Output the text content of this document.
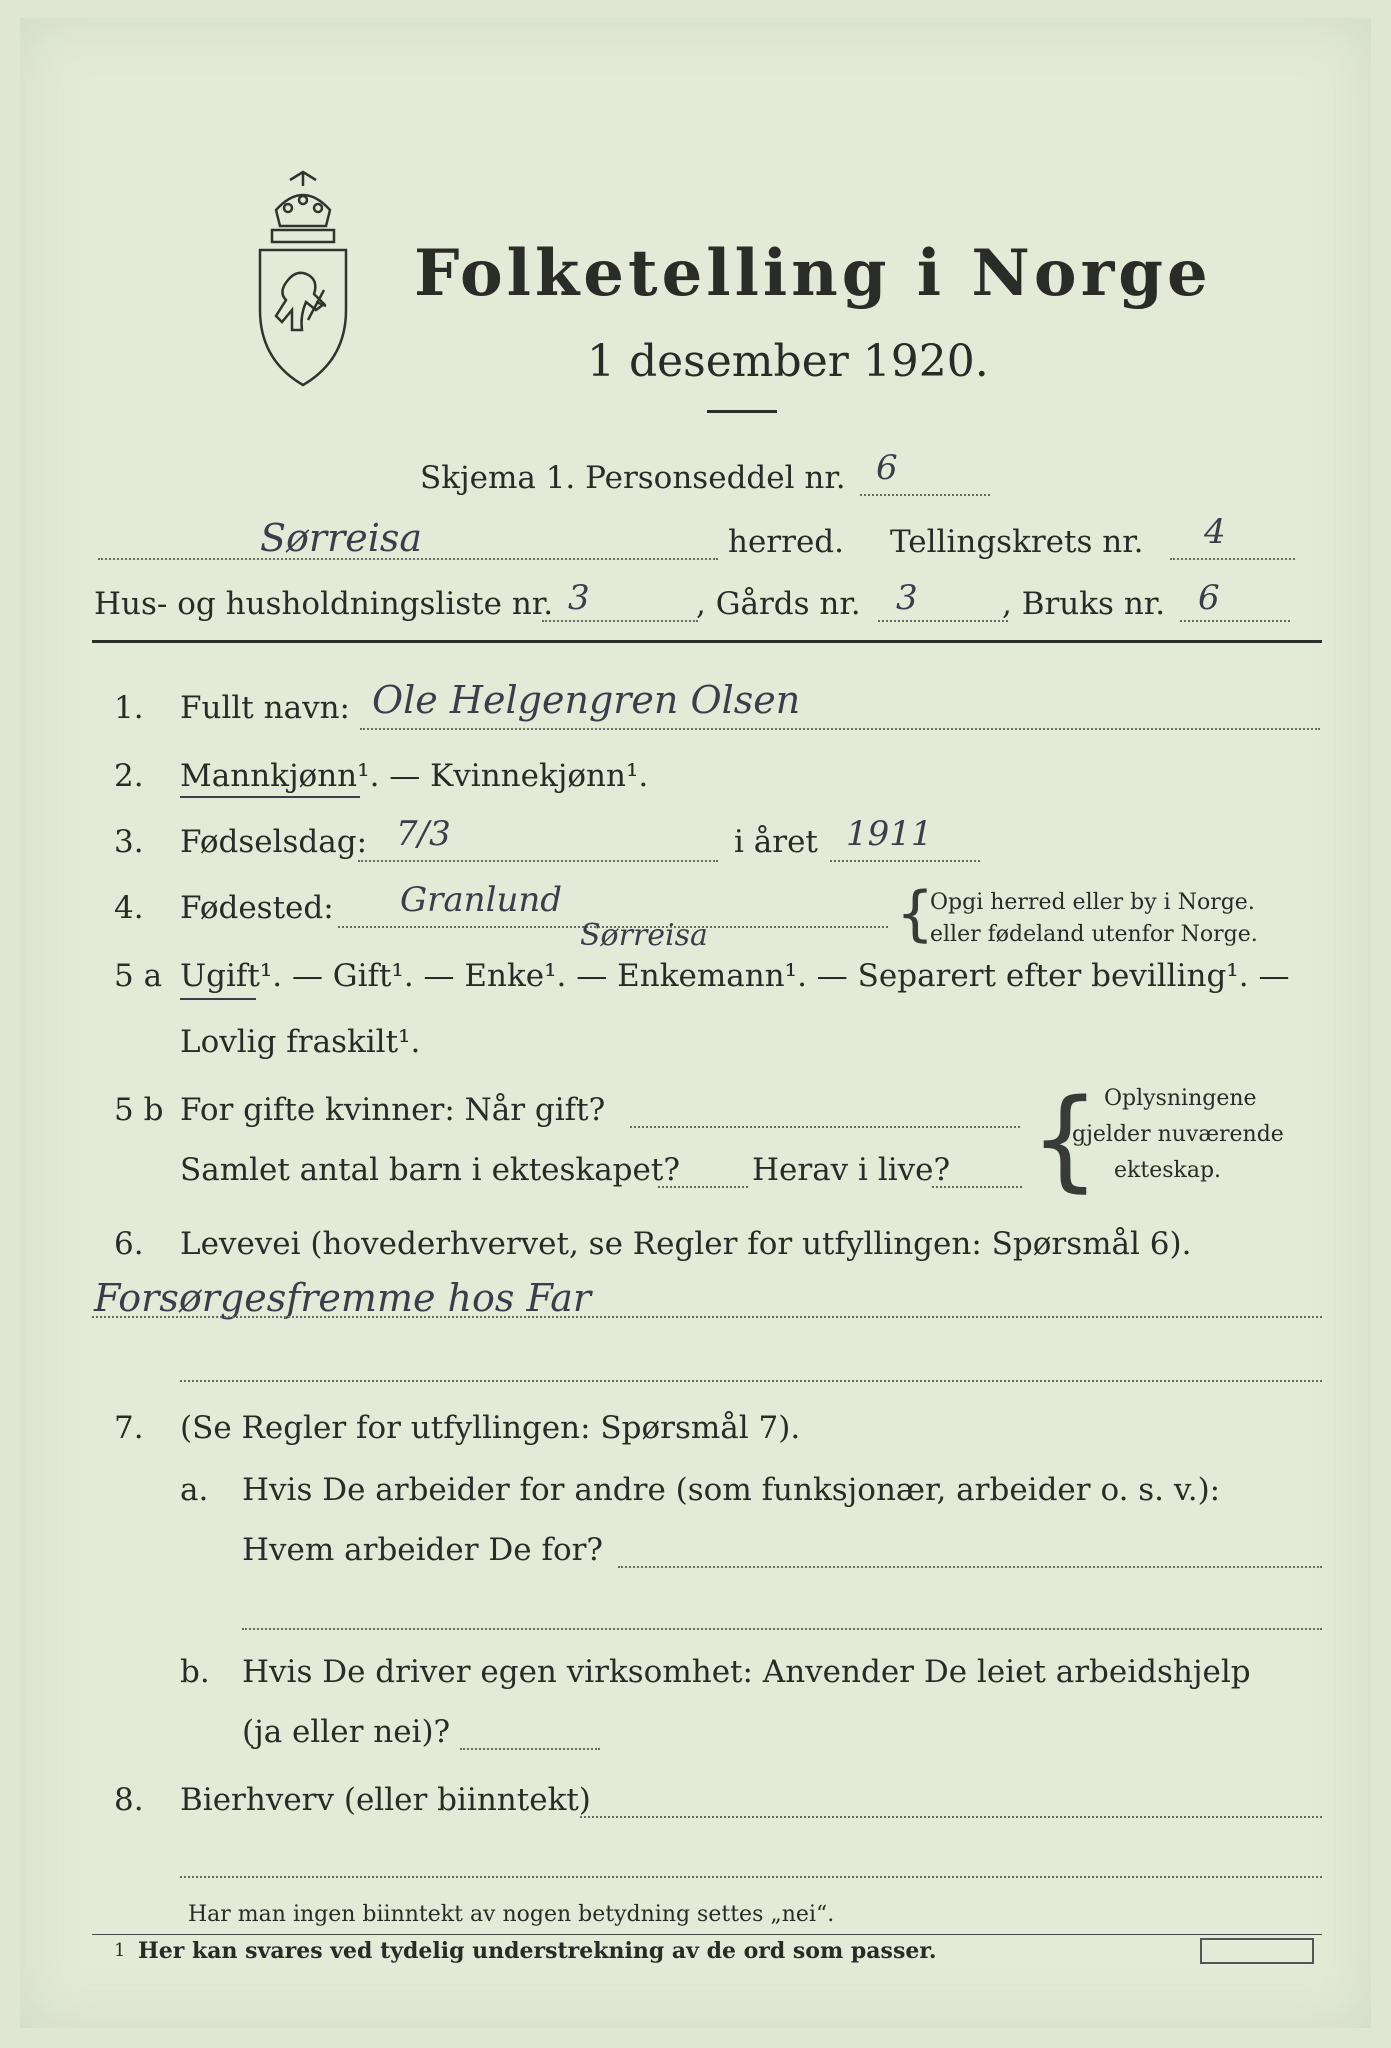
Folketelling i Norge
1 desember 1920.
Skjema 1. Personseddel nr. 6
Sørreisa	herred. Tellingskrets nr. 4
Hus- og husholdningsliste nr. 3	, Gårds nr. 3	, Bruks nr. 6
1. Fullt navn: Ole Helgengren Olsen
2. Mannkjønn¹. — Kvinnekjønn¹.
3. Fødselsdag: 7/3	i året 1911
4. Fødested: Granlund
Sørreisa	{
Opgi herred eller by i Norge.
eller fødeland utenfor Norge.
5 a Ugift¹. — Gift¹. — Enke¹. — Enkemann¹. — Separert efter bevilling¹. —
Lovlig fraskilt¹.
5 b For gifte kvinner: Når gift?
Samlet antal barn i ekteskapet? Herav i live? { Oplysningene
gjelder nuværende
ekteskap.
6. Levevei (hovederhvervet, se Regler for utfyllingen: Spørsmål 6).
Forsørgesfremme hos Far
7. (Se Regler for utfyllingen: Spørsmål 7).
a. Hvis De arbeider for andre (som funksjonær, arbeider o. s. v.):
Hvem arbeider De for?
b. Hvis De driver egen virksomhet: Anvender De leiet arbeidshjelp
(ja eller nei)?
8. Bierhverv (eller biinntekt)
Har man ingen biinntekt av nogen betydning settes „nei“.
1 Her kan svares ved tydelig understrekning av de ord som passer.
